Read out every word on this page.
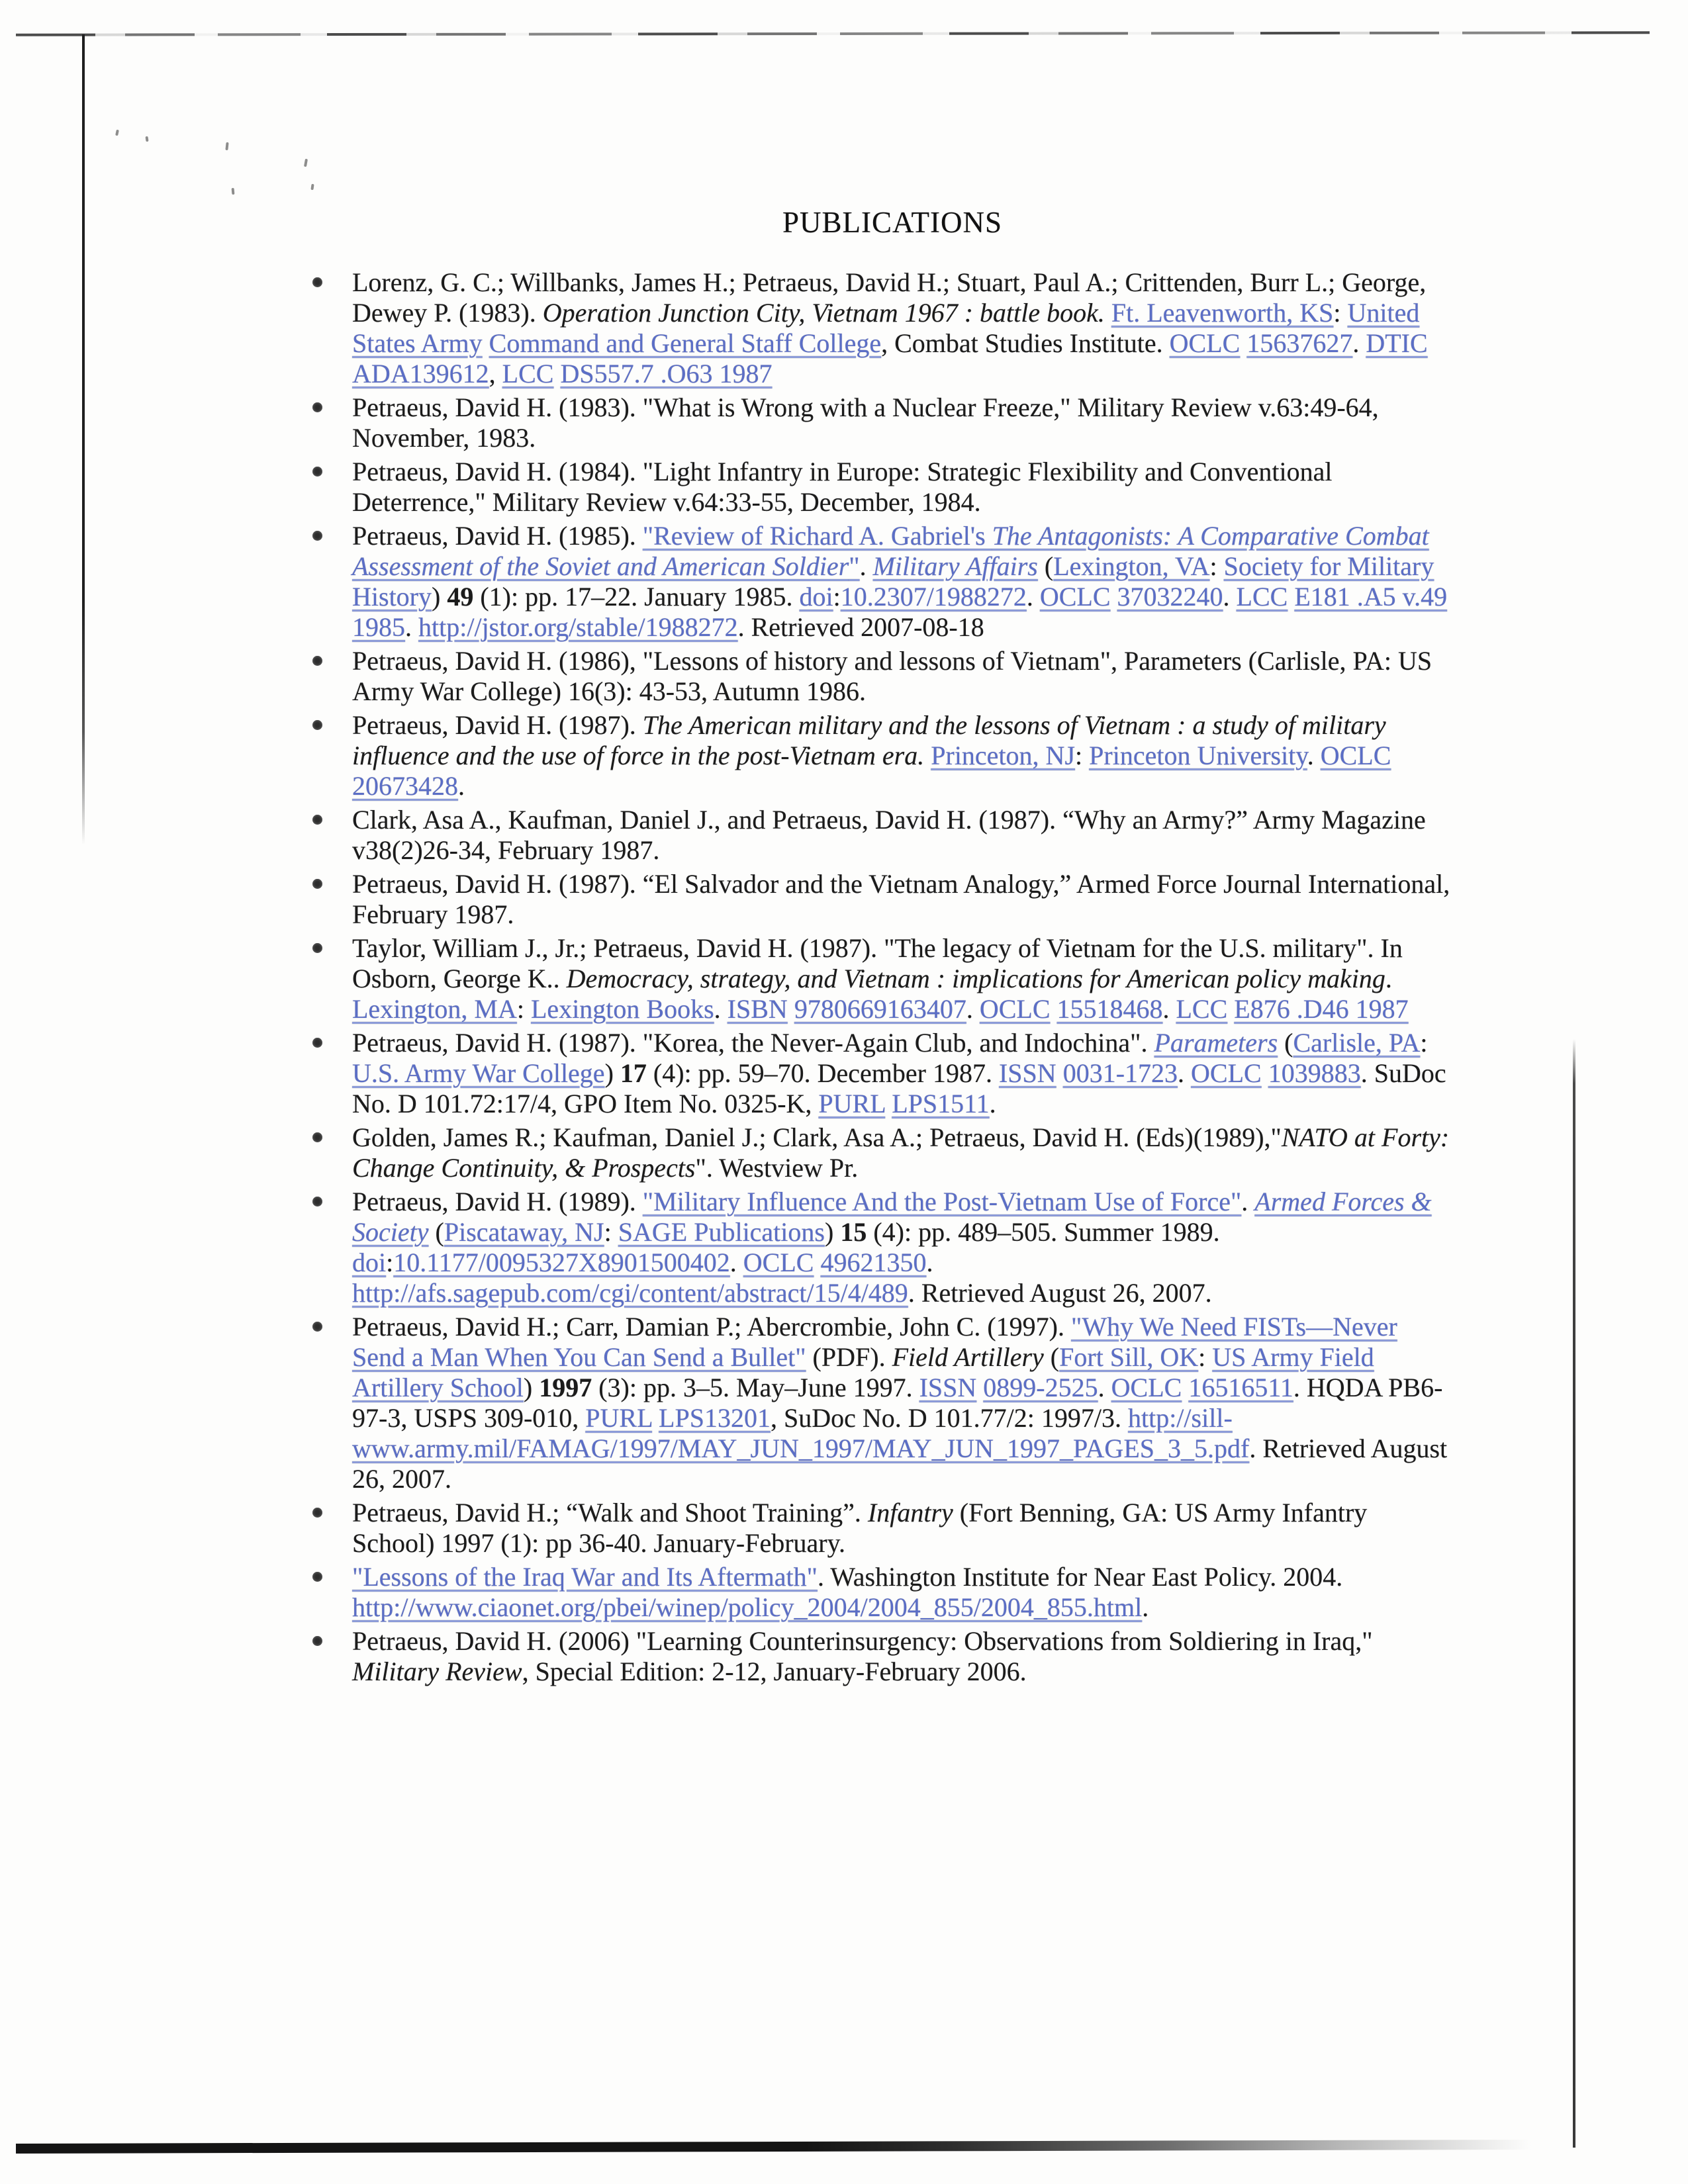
PUBLICATIONS
Lorenz, G. C.; Willbanks, James H.; Petraeus, David H.; Stuart, Paul A.; Crittenden, Burr L.; George, Dewey P. (1983). Operation Junction City, Vietnam 1967 : battle book. Ft. Leavenworth, KS: United States Army Command and General Staff College, Combat Studies Institute. OCLC 15637627. DTIC ADA139612, LCC DS557.7 .O63 1987
Petraeus, David H. (1983). "What is Wrong with a Nuclear Freeze," Military Review v.63:49-64, November, 1983.
Petraeus, David H. (1984). "Light Infantry in Europe: Strategic Flexibility and Conventional Deterrence," Military Review v.64:33-55, December, 1984.
Petraeus, David H. (1985). "Review of Richard A. Gabriel's The Antagonists: A Comparative Combat Assessment of the Soviet and American Soldier". Military Affairs (Lexington, VA: Society for Military History) 49 (1): pp. 17–22. January 1985. doi:10.2307/1988272. OCLC 37032240. LCC E181 .A5 v.49 1985. http://jstor.org/stable/1988272. Retrieved 2007-08-18
Petraeus, David H. (1986), "Lessons of history and lessons of Vietnam", Parameters (Carlisle, PA: US Army War College) 16(3): 43-53, Autumn 1986.
Petraeus, David H. (1987). The American military and the lessons of Vietnam : a study of military influence and the use of force in the post-Vietnam era. Princeton, NJ: Princeton University. OCLC 20673428.
Clark, Asa A., Kaufman, Daniel J., and Petraeus, David H. (1987). “Why an Army?” Army Magazine v38(2)26-34, February 1987.
Petraeus, David H. (1987). “El Salvador and the Vietnam Analogy,” Armed Force Journal International, February 1987.
Taylor, William J., Jr.; Petraeus, David H. (1987). "The legacy of Vietnam for the U.S. military". In Osborn, George K.. Democracy, strategy, and Vietnam : implications for American policy making. Lexington, MA: Lexington Books. ISBN 9780669163407. OCLC 15518468. LCC E876 .D46 1987
Petraeus, David H. (1987). "Korea, the Never-Again Club, and Indochina". Parameters (Carlisle, PA: U.S. Army War College) 17 (4): pp. 59–70. December 1987. ISSN 0031-1723. OCLC 1039883. SuDoc No. D 101.72:17/4, GPO Item No. 0325-K, PURL LPS1511.
Golden, James R.; Kaufman, Daniel J.; Clark, Asa A.; Petraeus, David H. (Eds)(1989),"NATO at Forty: Change Continuity, & Prospects". Westview Pr.
Petraeus, David H. (1989). "Military Influence And the Post-Vietnam Use of Force". Armed Forces & Society (Piscataway, NJ: SAGE Publications) 15 (4): pp. 489–505. Summer 1989. doi:10.1177/0095327X8901500402. OCLC 49621350. http://afs.sagepub.com/cgi/content/abstract/15/4/489. Retrieved August 26, 2007.
Petraeus, David H.; Carr, Damian P.; Abercrombie, John C. (1997). "Why We Need FISTs—Never Send a Man When You Can Send a Bullet" (PDF). Field Artillery (Fort Sill, OK: US Army Field Artillery School) 1997 (3): pp. 3–5. May–June 1997. ISSN 0899-2525. OCLC 16516511. HQDA PB6-97-3, USPS 309-010, PURL LPS13201, SuDoc No. D 101.77/2: 1997/3. http://sill-www.army.mil/FAMAG/1997/MAY_JUN_1997/MAY_JUN_1997_PAGES_3_5.pdf. Retrieved August 26, 2007.
Petraeus, David H.; “Walk and Shoot Training”. Infantry (Fort Benning, GA: US Army Infantry School) 1997 (1): pp 36-40. January-February.
"Lessons of the Iraq War and Its Aftermath". Washington Institute for Near East Policy. 2004. http://www.ciaonet.org/pbei/winep/policy_2004/2004_855/2004_855.html.
Petraeus, David H. (2006) "Learning Counterinsurgency: Observations from Soldiering in Iraq," Military Review, Special Edition: 2-12, January-February 2006.
